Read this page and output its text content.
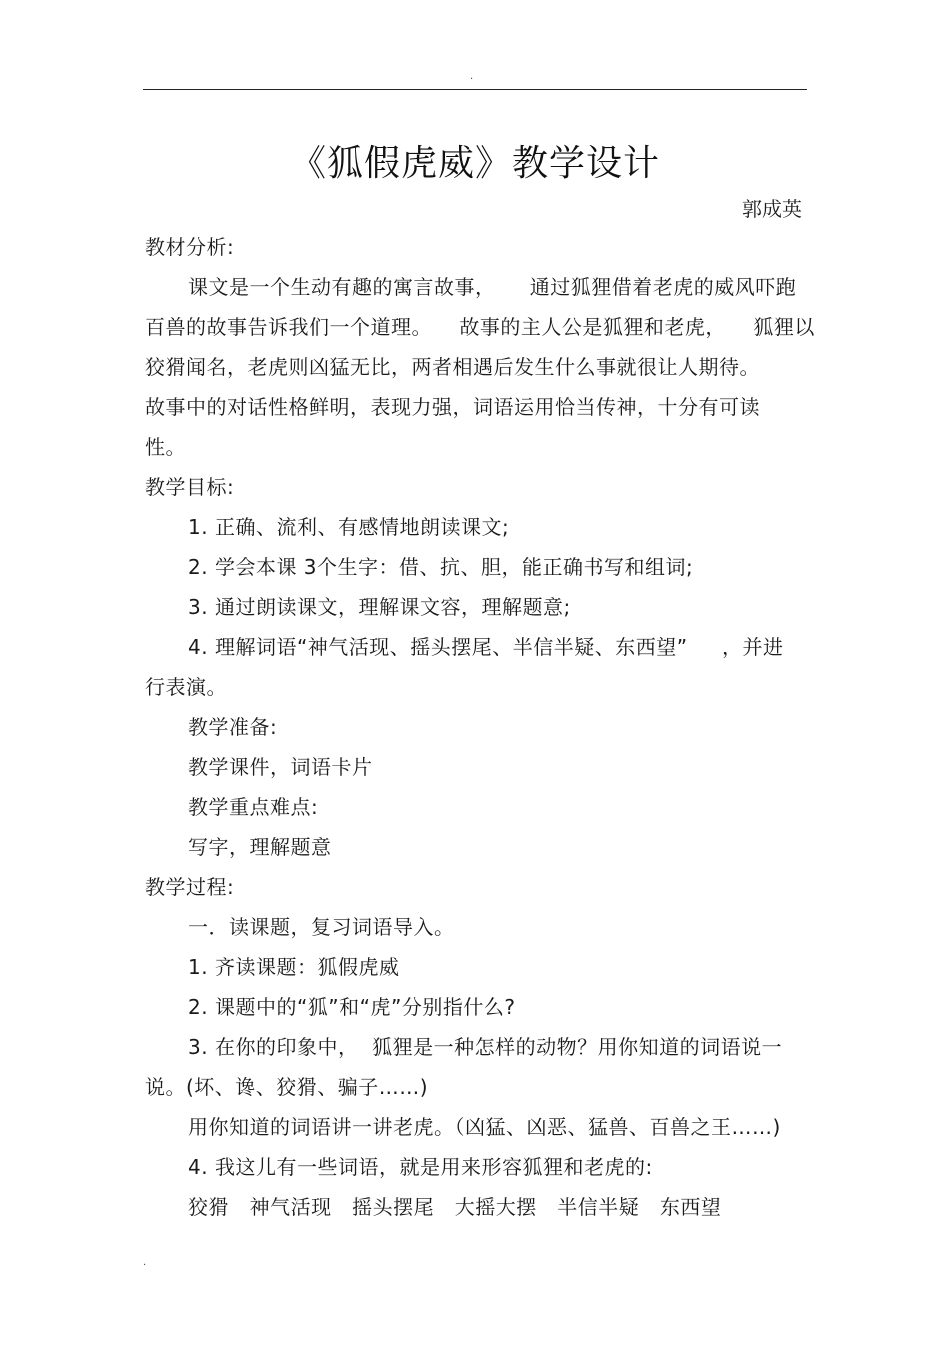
.
《狐假虎威》教学设计
郭成英
教材分析:
课文是一个生动有趣的寓言故事，     通过狐狸借着老虎的威风吓跑
百兽的故事告诉我们一个道理。    故事的主人公是狐狸和老虎，    狐狸以
狡猾闻名，老虎则凶猛无比，两者相遇后发生什么事就很让人期待。
故事中的对话性格鲜明，表现力强，词语运用恰当传神，十分有可读
性。
教学目标:
1. 正确、流利、有感情地朗读课文;
2. 学会本课 3个生字：借、抗、胆，能正确书写和组词;
3. 通过朗读课文，理解课文容，理解题意;
4. 理解词语“神气活现、摇头摆尾、半信半疑、东西望”     ，并进
行表演。
教学准备:
教学课件，词语卡片
教学重点难点:
写字，理解题意
教学过程:
一．读课题，复习词语导入。
1. 齐读课题：狐假虎威
2. 课题中的“狐”和“虎”分别指什么?
3. 在你的印象中，  狐狸是一种怎样的动物？用你知道的词语说一
说。(坏、谗、狡猾、骗子……)
用你知道的词语讲一讲老虎。（凶猛、凶恶、猛兽、百兽之王……)
4. 我这儿有一些词语，就是用来形容狐狸和老虎的:
狡猾   神气活现   摇头摆尾   大摇大摆   半信半疑   东西望
.
